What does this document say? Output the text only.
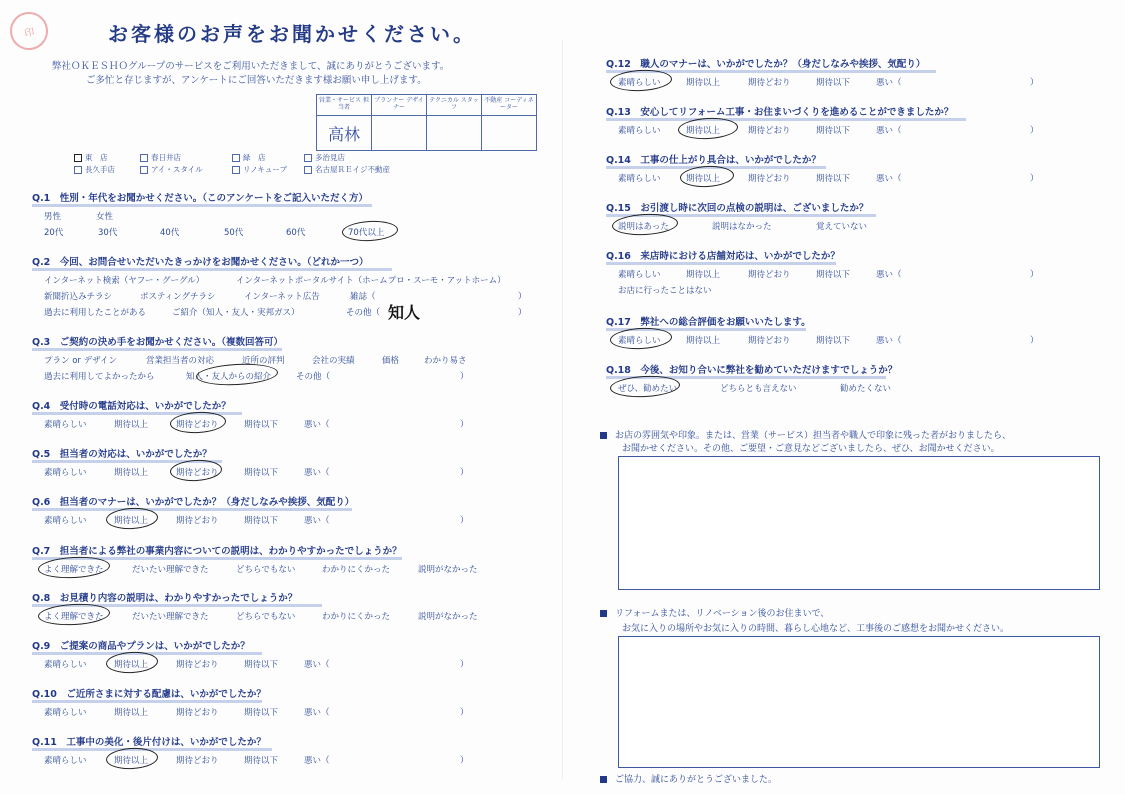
印	お客様のお声をお聞かせください。
弊社ＯＫＥＳＨＯグループのサービスをご利用いただきまして、誠にありがとうございます。
ご多忙と存じますが、アンケートにご回答いただきます様お願い申し上げます。
営業・サービス 担当者	プランナー デザイナー	テクニカル スタッフ	不動産 コーディネーター
高林			
東　店	春日井店	緑　店	多治見店
長久手店	アイ・スタイル	リノキューブ	名古屋ＲＥイジ不動産
Q.1　性別・年代をお聞かせください。（このアンケートをご記入いただく方）
男性	女性
20代	30代	40代	50代	60代	70代以上
Q.2　今回、お問合せいただいたきっかけをお聞かせください。（どれか一つ）
インターネット検索（ヤフー・グーグル）	インターネットポータルサイト（ホームプロ・スーモ・アットホーム）
新聞折込みチラシ	ポスティングチラシ	インターネット広告	雑誌（	）
過去に利用したことがある	ご紹介（知人・友人・実邦ガス）	その他（ 知人	）
Q.3　ご契約の決め手をお聞かせください。（複数回答可）
プラン or デザイン	営業担当者の対応	近所の評判	会社の実績	価格	わかり易さ
過去に利用してよかったから	知人・友人からの紹介	その他（	）
Q.4　受付時の電話対応は、いかがでしたか？
素晴らしい	期待以上	期待どおり	期待以下	悪い（	）
Q.5　担当者の対応は、いかがでしたか？
素晴らしい	期待以上	期待どおり	期待以下	悪い（	）
Q.6　担当者のマナーは、いかがでしたか？（身だしなみや挨拶、気配り）
素晴らしい	期待以上	期待どおり	期待以下	悪い（	）
Q.7　担当者による弊社の事業内容についての説明は、わかりやすかったでしょうか？
よく理解できた	だいたい理解できた	どちらでもない	わかりにくかった	説明がなかった
Q.8　お見積り内容の説明は、わかりやすかったでしょうか？
よく理解できた	だいたい理解できた	どちらでもない	わかりにくかった	説明がなかった
Q.9　ご提案の商品やプランは、いかがでしたか？
素晴らしい	期待以上	期待どおり	期待以下	悪い（	）
Q.10　ご近所さまに対する配慮は、いかがでしたか？
素晴らしい	期待以上	期待どおり	期待以下	悪い（	）
Q.11　工事中の美化・後片付けは、いかがでしたか？
素晴らしい	期待以上	期待どおり	期待以下	悪い（	）
Q.12　職人のマナーは、いかがでしたか？（身だしなみや挨拶、気配り）
素晴らしい	期待以上	期待どおり	期待以下	悪い（	）
Q.13　安心してリフォーム工事・お住まいづくりを進めることができましたか？
素晴らしい	期待以上	期待どおり	期待以下	悪い（	）
Q.14　工事の仕上がり具合は、いかがでしたか？
素晴らしい	期待以上	期待どおり	期待以下	悪い（	）
Q.15　お引渡し時に次回の点検の説明は、ございましたか？
説明はあった	説明はなかった	覚えていない
Q.16　来店時における店舗対応は、いかがでしたか？
素晴らしい	期待以上	期待どおり	期待以下	悪い（	）
お店に行ったことはない
Q.17　弊社への総合評価をお願いいたします。
素晴らしい	期待以上	期待どおり	期待以下	悪い（	）
Q.18　今後、お知り合いに弊社を勧めていただけますでしょうか？
ぜひ、勧めたい	どちらとも言えない	勧めたくない
お店の雰囲気や印象。または、営業（サービス）担当者や職人で印象に残った者がおりましたら、
お聞かせください。その他、ご要望・ご意見などございましたら、ぜひ、お聞かせください。
リフォームまたは、リノベーション後のお住まいで、
お気に入りの場所やお気に入りの時間、暮らし心地など、工事後のご感想をお聞かせください。
ご協力、誠にありがとうございました。
